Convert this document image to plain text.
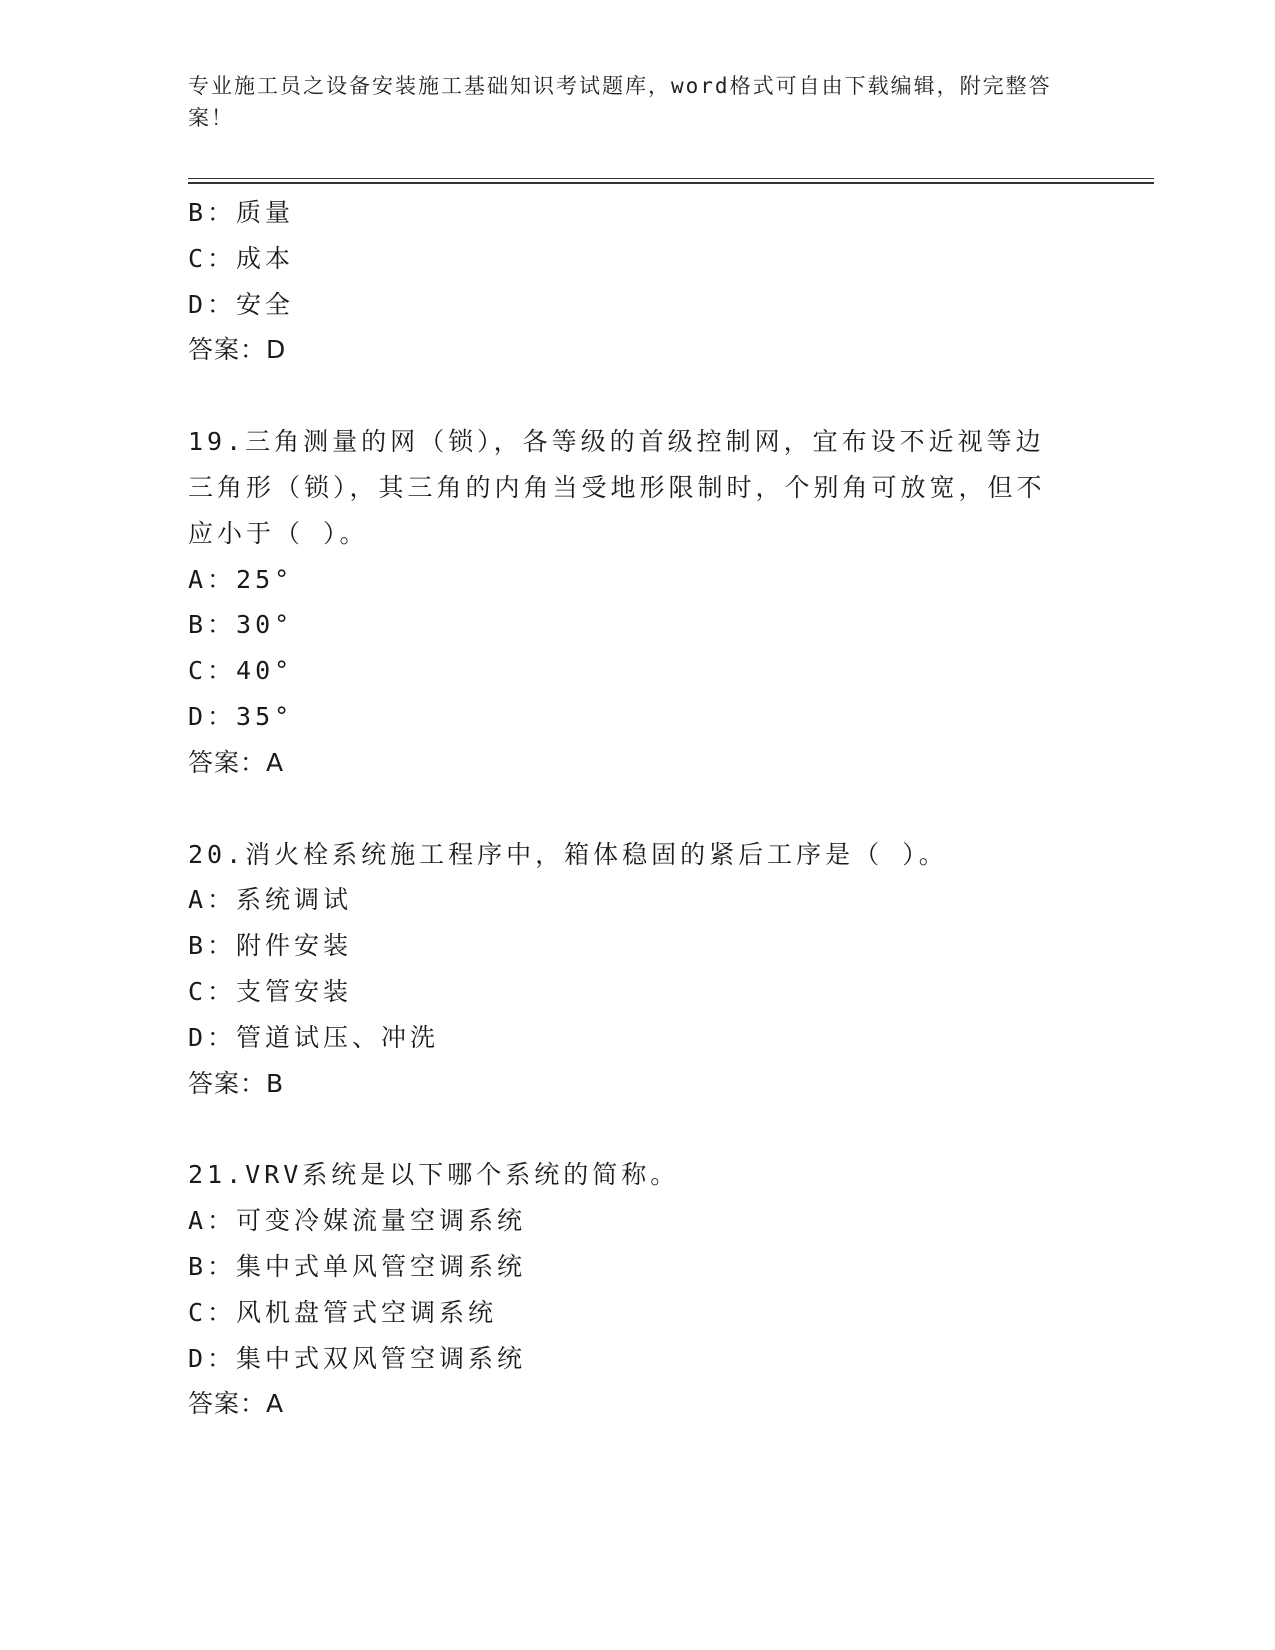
专业施工员之设备安装施工基础知识考试题库，word格式可自由下载编辑，附完整答案！
B：质量
C：成本
D：安全
答案：D
19.三角测量的网（锁），各等级的首级控制网，宜布设不近视等边三角形（锁），其三角的内角当受地形限制时，个别角可放宽，但不应小于（ ）。
A：25°
B：30°
C：40°
D：35°
答案：A
20.消火栓系统施工程序中，箱体稳固的紧后工序是（ ）。
A：系统调试
B：附件安装
C：支管安装
D：管道试压、冲洗
答案：B
21.VRV系统是以下哪个系统的简称。
A：可变冷媒流量空调系统
B：集中式单风管空调系统
C：风机盘管式空调系统
D：集中式双风管空调系统
答案：A
